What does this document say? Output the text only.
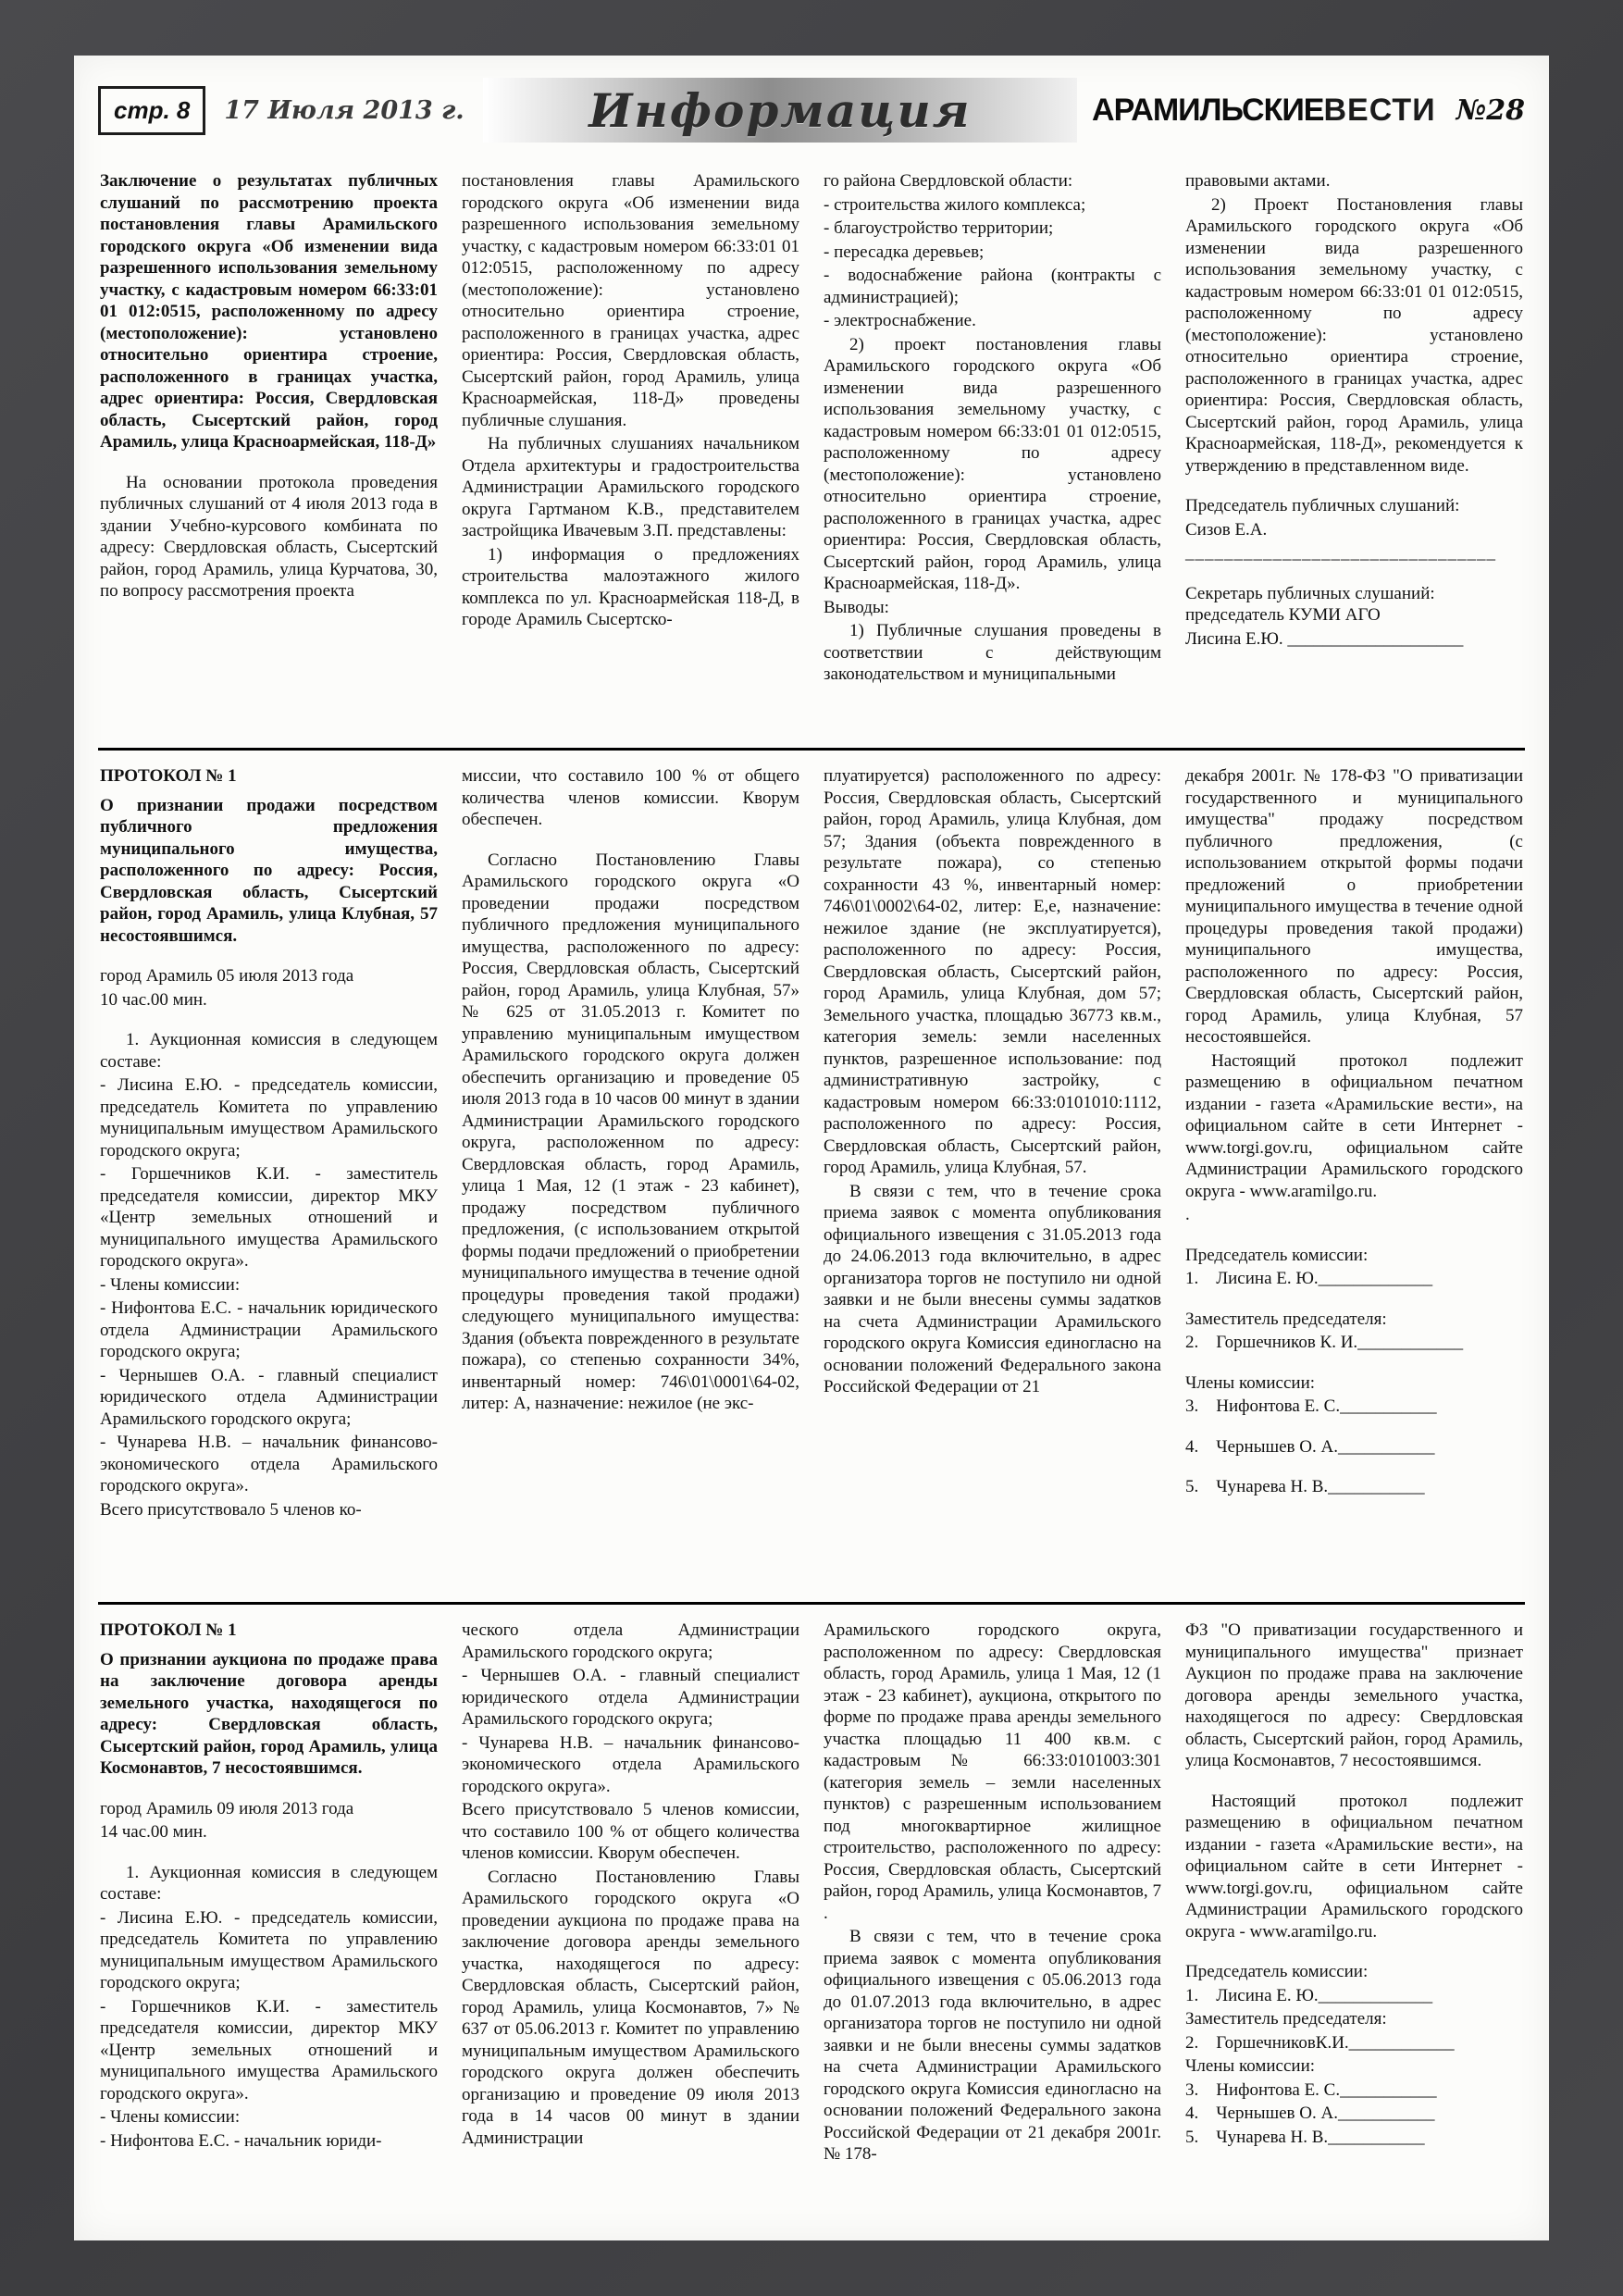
стр. 8	17 Июля 2013 г.	Информация	АРАМИЛЬСКИЕВЕСТИ №28

Заключение о результатах публичных слушаний по рассмотрению проекта постановления главы Арамильского городского округа «Об изменении вида разрешенного использования земельному участку, с кадастровым номером 66:33:01 01 012:0515, расположенному по адресу (местоположение): установлено относительно ориентира строение, расположенного в границах участка, адрес ориентира: Россия, Свердловская область, Сысертский район, город Арамиль, улица Красноармейская, 118-Д»

На основании протокола проведения публичных слушаний от 4 июля 2013 года в здании Учебно-курсового комбината по адресу: Свердловская область, Сысертский район, город Арамиль, улица Курчатова, 30, по вопросу рассмотрения проекта

постановления главы Арамильского городского округа «Об изменении вида разрешенного использования земельному участку, с кадастровым номером 66:33:01 01 012:0515, расположенному по адресу (местоположение): установлено относительно ориентира строение, расположенного в границах участка, адрес ориентира: Россия, Свердловская область, Сысертский район, город Арамиль, улица Красноармейская, 118-Д» проведены публичные слушания.

На публичных слушаниях начальником Отдела архитектуры и градостроительства Администрации Арамильского городского округа Гартманом К.В., представителем застройщика Ивачевым З.П. представлены:

1) информация о предложениях строительства малоэтажного жилого комплекса по ул. Красноармейская 118-Д, в городе Арамиль Сысертско-

го района Свердловской области:

- строительства жилого комплекса;

- благоустройство территории;

- пересадка деревьев;

- водоснабжение района (контракты с администрацией);

- электроснабжение.

2) проект постановления главы Арамильского городского округа «Об изменении вида разрешенного использования земельному участку, с кадастровым номером 66:33:01 01 012:0515, расположенному по адресу (местоположение): установлено относительно ориентира строение, расположенного в границах участка, адрес ориентира: Россия, Свердловская область, Сысертский район, город Арамиль, улица Красноармейская, 118-Д».

Выводы:

1) Публичные слушания проведены в соответствии с действующим законодательством и муниципальными

правовыми актами.

2) Проект Постановления главы Арамильского городского округа «Об изменении вида разрешенного использования земельному участку, с кадастровым номером 66:33:01 01 012:0515, расположенному по адресу (местоположение): установлено относительно ориентира строение, расположенного в границах участка, адрес ориентира: Россия, Свердловская область, Сысертский район, город Арамиль, улица Красноармейская, 118-Д», рекомендуется к утверждению в представленном виде.

Председатель публичных слушаний:

Сизов Е.А.

________________________________

Секретарь публичных слушаний: председатель КУМИ АГО

Лисина Е.Ю. ____________________

ПРОТОКОЛ № 1

О признании продажи посредством публичного предложения муниципального имущества, расположенного по адресу: Россия, Свердловская область, Сысертский район, город Арамиль, улица Клубная, 57 несостоявшимся.

город Арамиль 05 июля 2013 года

10 час.00 мин.

1. Аукционная комиссия в следующем составе:

- Лисина Е.Ю. - председатель комиссии, председатель Комитета по управлению муниципальным имуществом Арамильского городского округа;

- Горшечников К.И. - заместитель председателя комиссии, директор МКУ «Центр земельных отношений и муниципального имущества Арамильского городского округа».

- Члены комиссии:

- Нифонтова Е.С. - начальник юридического отдела Администрации Арамильского городского округа;

- Чернышев О.А. - главный специалист юридического отдела Администрации Арамильского городского округа;

- Чунарева Н.В. – начальник финансово-экономического отдела Арамильского городского округа».

Всего присутствовало 5 членов ко-

миссии, что составило 100 % от общего количества членов комиссии. Кворум обеспечен.

Согласно Постановлению Главы Арамильского городского округа «О проведении продажи посредством публичного предложения муниципального имущества, расположенного по адресу: Россия, Свердловская область, Сысертский район, город Арамиль, улица Клубная, 57» № 625 от 31.05.2013 г. Комитет по управлению муниципальным имуществом Арамильского городского округа должен обеспечить организацию и проведение 05 июля 2013 года в 10 часов 00 минут в здании Администрации Арамильского городского округа, расположенном по адресу: Свердловская область, город Арамиль, улица 1 Мая, 12 (1 этаж - 23 кабинет), продажу посредством публичного предложения, (с использованием открытой формы подачи предложений о приобретении муниципального имущества в течение одной процедуры проведения такой продажи) следующего муниципального имущества: Здания (объекта поврежденного в результате пожара), со степенью сохранности 34%, инвентарный номер: 746\01\0001\64-02, литер: А, назначение: нежилое (не экс-

плуатируется) расположенного по адресу: Россия, Свердловская область, Сысертский район, город Арамиль, улица Клубная, дом 57; Здания (объекта поврежденного в результате пожара), со степенью сохранности 43 %, инвентарный номер: 746\01\0002\64-02, литер: Е,е, назначение: нежилое здание (не эксплуатируется), расположенного по адресу: Россия, Свердловская область, Сысертский район, город Арамиль, улица Клубная, дом 57; Земельного участка, площадью 36773 кв.м., категория земель: земли населенных пунктов, разрешенное использование: под административную застройку, с кадастровым номером 66:33:0101010:1112, расположенного по адресу: Россия, Свердловская область, Сысертский район, город Арамиль, улица Клубная, 57.

В связи с тем, что в течение срока приема заявок с момента опубликования официального извещения с 31.05.2013 года до 24.06.2013 года включительно, в адрес организатора торгов не поступило ни одной заявки и не были внесены суммы задатков на счета Администрации Арамильского городского округа Комиссия единогласно на основании положений Федерального закона Российской Федерации от 21

декабря 2001г. № 178-ФЗ "О приватизации государственного и муниципального имущества" продажу посредством публичного предложения, (с использованием открытой формы подачи предложений о приобретении муниципального имущества в течение одной процедуры проведения такой продажи) муниципального имущества, расположенного по адресу: Россия, Свердловская область, Сысертский район, город Арамиль, улица Клубная, 57 несостоявшейся.

Настоящий протокол подлежит размещению в официальном печатном издании - газета «Арамильские вести», на официальном сайте в сети Интернет - www.torgi.gov.ru, официальном сайте Администрации Арамильского городского округа - www.aramilgo.ru.

.

Председатель комиссии:

1.    Лисина Е. Ю._____________

Заместитель председателя:

2.    Горшечников К. И.____________

Члены комиссии:

3.    Нифонтова Е. С.___________

4.    Чернышев О. А.___________

5.    Чунарева Н. В.___________

ПРОТОКОЛ № 1

О признании аукциона по продаже права на заключение договора аренды земельного участка, находящегося по адресу: Свердловская область, Сысертский район, город Арамиль, улица Космонавтов, 7 несостоявшимся.

город Арамиль 09 июля 2013 года

14 час.00 мин.

1. Аукционная комиссия в следующем составе:

- Лисина Е.Ю. - председатель комиссии, председатель Комитета по управлению муниципальным имуществом Арамильского городского округа;

- Горшечников К.И. - заместитель председателя комиссии, директор МКУ «Центр земельных отношений и муниципального имущества Арамильского городского округа».

- Члены комиссии:

- Нифонтова Е.С. - начальник юриди-

ческого отдела Администрации Арамильского городского округа;

- Чернышев О.А. - главный специалист юридического отдела Администрации Арамильского городского округа;

- Чунарева Н.В. – начальник финансово-экономического отдела Арамильского городского округа».

Всего присутствовало 5 членов комиссии, что составило 100 % от общего количества членов комиссии. Кворум обеспечен.

Согласно Постановлению Главы Арамильского городского округа «О проведении аукциона по продаже права на заключение договора аренды земельного участка, находящегося по адресу: Свердловская область, Сысертский район, город Арамиль, улица Космонавтов, 7» № 637 от 05.06.2013 г. Комитет по управлению муниципальным имуществом Арамильского городского округа должен обеспечить организацию и проведение 09 июля 2013 года в 14 часов 00 минут в здании Администрации

Арамильского городского округа, расположенном по адресу: Свердловская область, город Арамиль, улица 1 Мая, 12 (1 этаж - 23 кабинет), аукциона, открытого по форме по продаже права аренды земельного участка площадью 11 400 кв.м. с кадастровым № 66:33:0101003:301 (категория земель – земли населенных пунктов) с разрешенным использованием под многоквартирное жилищное строительство, расположенного по адресу: Россия, Свердловская область, Сысертский район, город Арамиль, улица Космонавтов, 7 .

В связи с тем, что в течение срока приема заявок с момента опубликования официального извещения с 05.06.2013 года до 01.07.2013 года включительно, в адрес организатора торгов не поступило ни одной заявки и не были внесены суммы задатков на счета Администрации Арамильского городского округа Комиссия единогласно на основании положений Федерального закона Российской Федерации от 21 декабря 2001г. № 178-

ФЗ "О приватизации государственного и муниципального имущества" признает Аукцион по продаже права на заключение договора аренды земельного участка, находящегося по адресу: Свердловская область, Сысертский район, город Арамиль, улица Космонавтов, 7 несостоявшимся.

Настоящий протокол подлежит размещению в официальном печатном издании - газета «Арамильские вести», на официальном сайте в сети Интернет - www.torgi.gov.ru, официальном сайте Администрации Арамильского городского округа - www.aramilgo.ru.

Председатель комиссии:

1.    Лисина Е. Ю._____________

Заместитель председателя:

2.    ГоршечниковК.И.____________

Члены комиссии:

3.    Нифонтова Е. С.___________

4.    Чернышев О. А.___________

5.    Чунарева Н. В.___________
